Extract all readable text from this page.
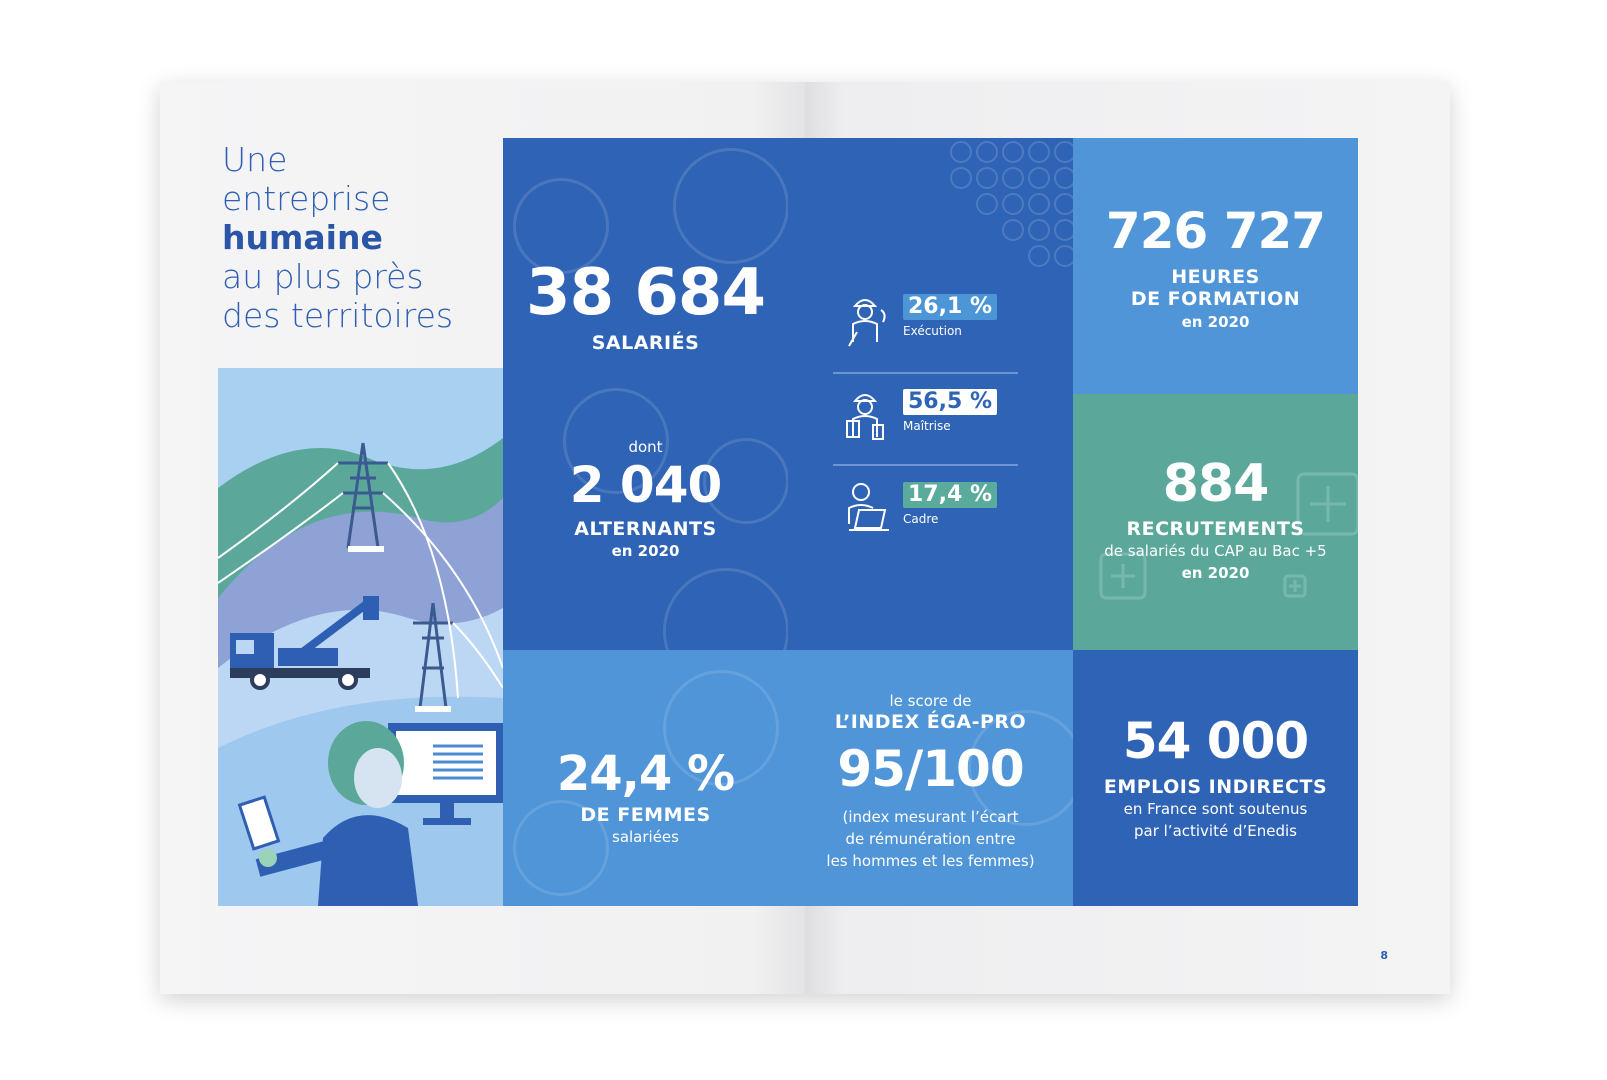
Une
entreprise
humaine
au plus près
des territoires	38 684
SALARIÉS
dont
2 040
ALTERNANTS
en 2020
726 727
HEURES
DE FORMATION
en 2020
884
RECRUTEMENTS
de salariés du CAP au Bac +5
en 2020
24,4 %
DE FEMMES
salariées
le score de
L’INDEX ÉGA-PRO
95/100
(index mesurant l’écart
de rémunération entre
les hommes et les femmes)
54 000
EMPLOIS INDIRECTS
en France sont soutenus
par l’activité d’Enedis
26,1 %
Exécution
56,5 %
Maîtrise
17,4 %
Cadre
8
